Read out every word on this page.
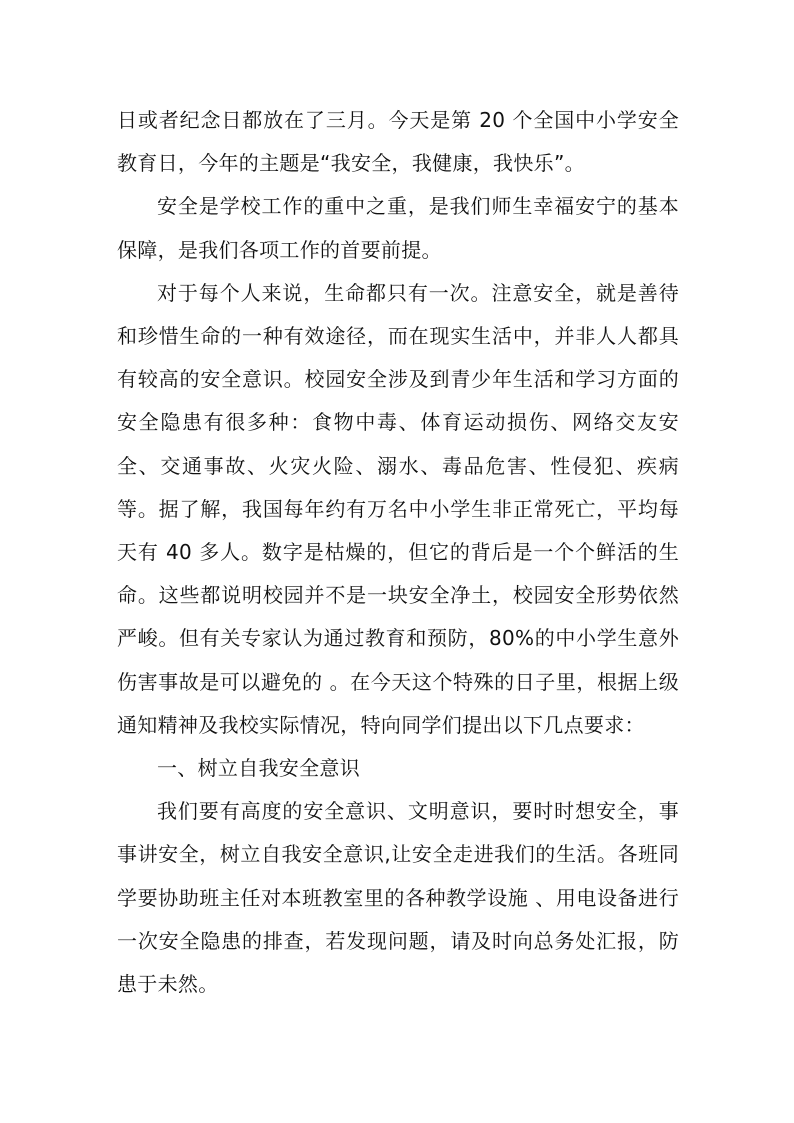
日或者纪念日都放在了三月。今天是第 20 个全国中小学安全教育日，今年的主题是“我安全，我健康，我快乐”。

安全是学校工作的重中之重，是我们师生幸福安宁的基本保障，是我们各项工作的首要前提。

对于每个人来说，生命都只有一次。注意安全，就是善待和珍惜生命的一种有效途径，而在现实生活中，并非人人都具有较高的安全意识。校园安全涉及到青少年生活和学习方面的安全隐患有很多种：食物中毒、体育运动损伤、网络交友安全、交通事故、火灾火险、溺水、毒品危害、性侵犯、疾病等。据了解，我国每年约有万名中小学生非正常死亡，平均每天有 40 多人。数字是枯燥的，但它的背后是一个个鲜活的生命。这些都说明校园并不是一块安全净土，校园安全形势依然严峻。但有关专家认为通过教育和预防，80%的中小学生意外伤害事故是可以避免的 。在今天这个特殊的日子里，根据上级通知精神及我校实际情况，特向同学们提出以下几点要求：

一、树立自我安全意识

我们要有高度的安全意识、文明意识，要时时想安全，事事讲安全，树立自我安全意识,让安全走进我们的生活。各班同学要协助班主任对本班教室里的各种教学设施 、用电设备进行一次安全隐患的排查，若发现问题，请及时向总务处汇报，防患于未然。
